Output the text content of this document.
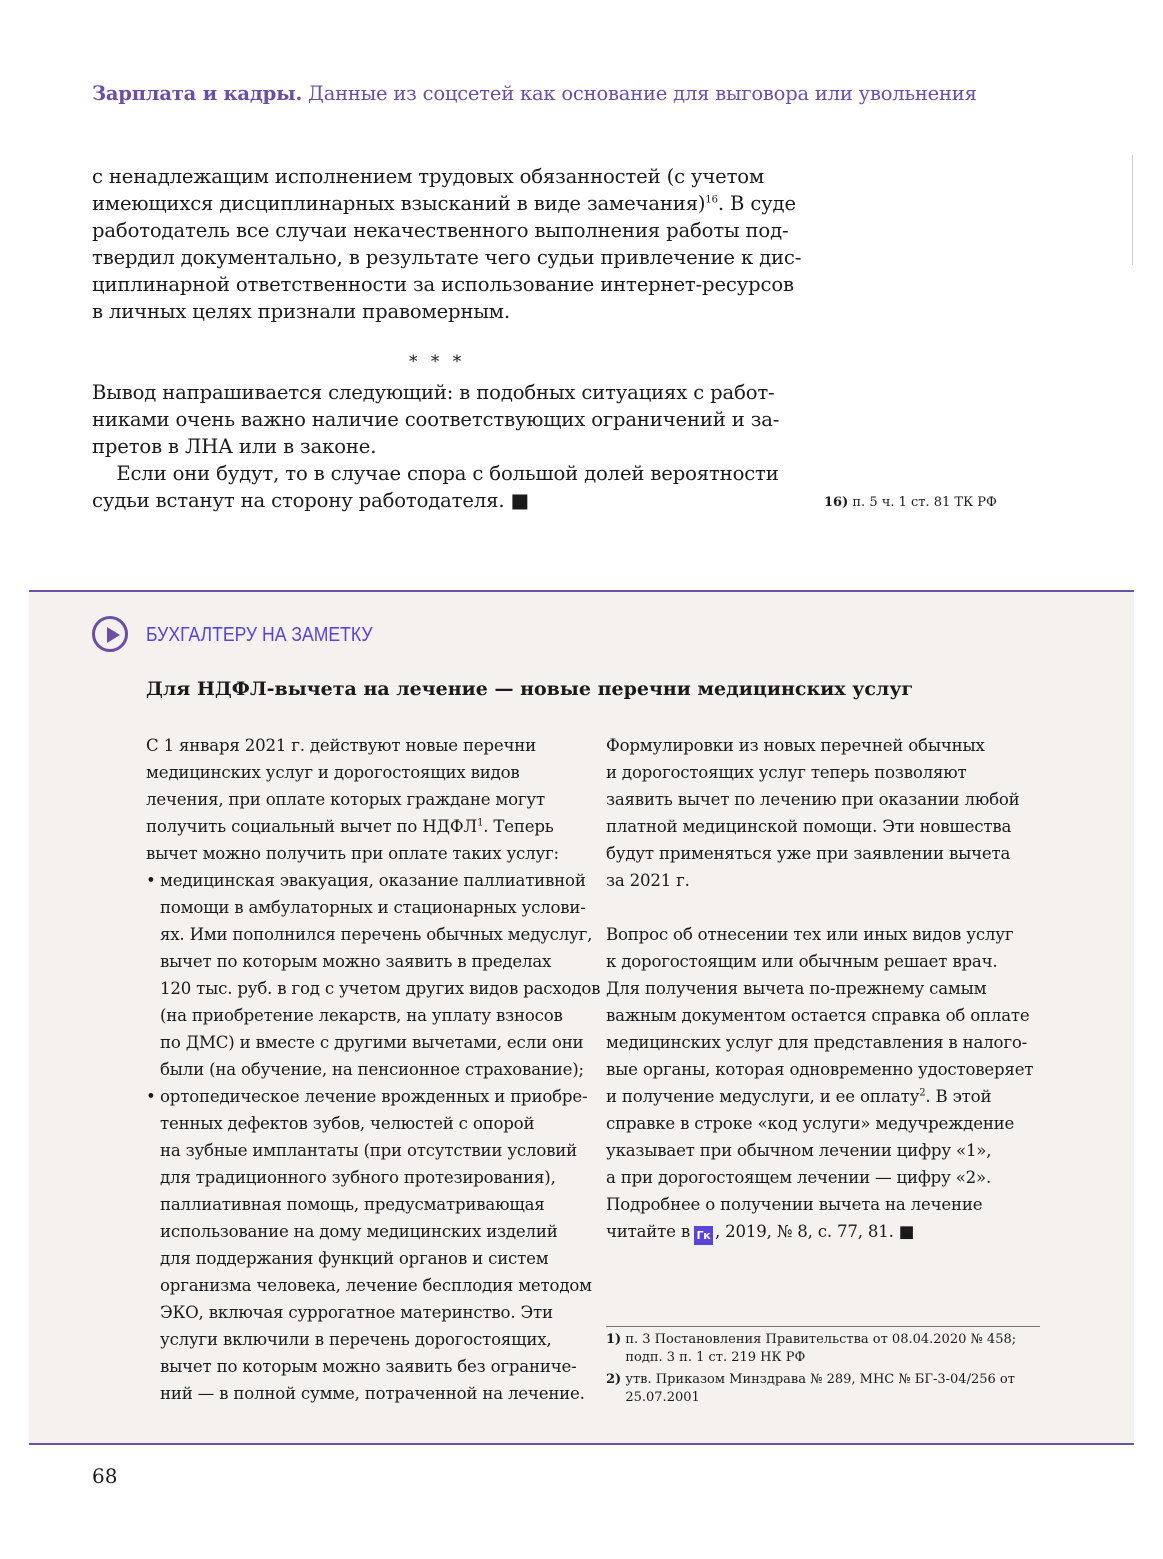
Зарплата и кадры. Данные из соцсетей как основание для выговора или увольнения
с ненадлежащим исполнением трудовых обязанностей (с учетом
имеющихся дисциплинарных взысканий в виде замечания)$^{16}$. В суде
работодатель все случаи некачественного выполнения работы под-
твердил документально, в результате чего судьи привлечение к дис-
циплинарной ответственности за использование интернет-ресурсов
в личных целях признали правомерным.
* * *
Вывод напрашивается следующий: в подобных ситуациях с работ-
никами очень важно наличие соответствующих ограничений и за-
претов в ЛНА или в законе.
Если они будут, то в случае спора с большой долей вероятности
судьи встанут на сторону работодателя. ■	16) п. 5 ч. 1 ст. 81 ТК РФ
БУХГАЛТЕРУ НА ЗАМЕТКУ
Для НДФЛ-вычета на лечение — новые перечни медицинских услуг
С 1 января 2021 г. действуют новые перечни
медицинских услуг и дорогостоящих видов
лечения, при оплате которых граждане могут
получить социальный вычет по НДФЛ$^1$. Теперь
вычет можно получить при оплате таких услуг:
• медицинская эвакуация, оказание паллиативной
помощи в амбулаторных и стационарных услови-
ях. Ими пополнился перечень обычных медуслуг,
вычет по которым можно заявить в пределах
120 тыс. руб. в год с учетом других видов расходов
(на приобретение лекарств, на уплату взносов
по ДМС) и вместе с другими вычетами, если они
были (на обучение, на пенсионное страхование);
• ортопедическое лечение врожденных и приобре-
тенных дефектов зубов, челюстей с опорой
на зубные имплантаты (при отсутствии условий
для традиционного зубного протезирования),
паллиативная помощь, предусматривающая
использование на дому медицинских изделий
для поддержания функций органов и систем
организма человека, лечение бесплодия методом
ЭКО, включая суррогатное материнство. Эти
услуги включили в перечень дорогостоящих,
вычет по которым можно заявить без ограниче-
ний — в полной сумме, потраченной на лечение.
Формулировки из новых перечней обычных
и дорогостоящих услуг теперь позволяют
заявить вычет по лечению при оказании любой
платной медицинской помощи. Эти новшества
будут применяться уже при заявлении вычета
за 2021 г.

Вопрос об отнесении тех или иных видов услуг
к дорогостоящим или обычным решает врач.
Для получения вычета по-прежнему самым
важным документом остается справка об оплате
медицинских услуг для представления в налого-
вые органы, которая одновременно удостоверяет
и получение медуслуги, и ее оплату$^2$. В этой
справке в строке «код услуги» медучреждение
указывает при обычном лечении цифру «1»,
а при дорогостоящем лечении — цифру «2».
Подробнее о получении вычета на лечение
читайте в Гк , 2019, № 8, с. 77, 81. ■
1) п. 3 Постановления Правительства от 08.04.2020 № 458; подп. 3 п. 1 ст. 219 НК РФ
2) утв. Приказом Минздрава № 289, МНС № БГ-3-04/256 от 25.07.2001
68
